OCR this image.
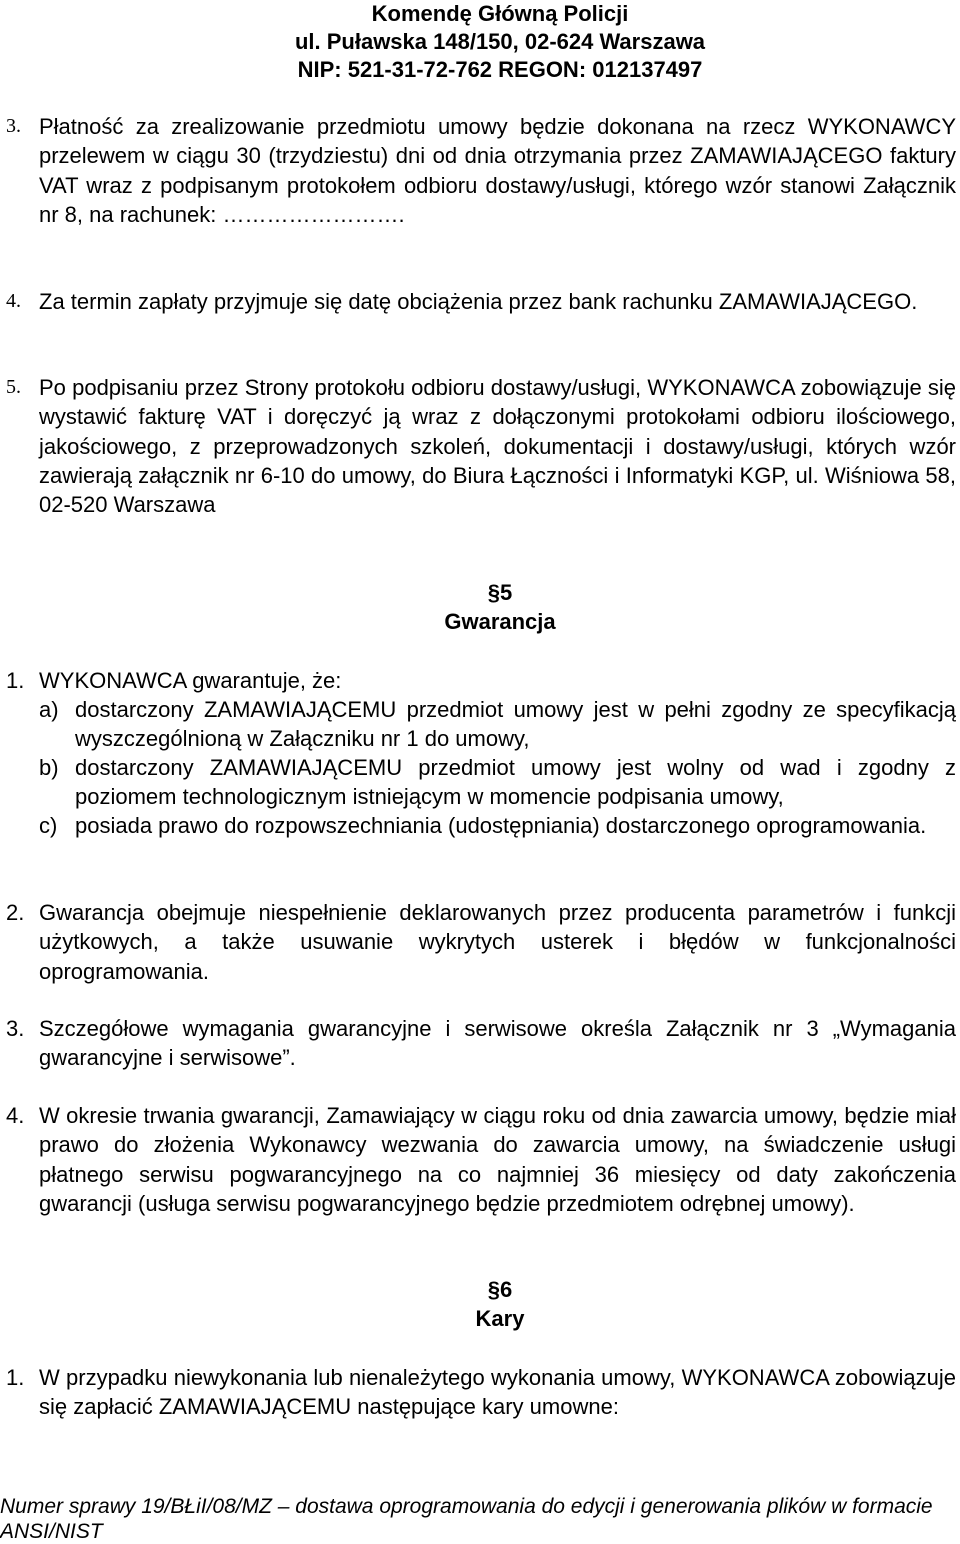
Komendę Główną Policji
ul. Puławska 148/150, 02-624 Warszawa
NIP: 521-31-72-762 REGON: 012137497
3. Płatność za zrealizowanie przedmiotu umowy będzie dokonana na rzecz WYKONAWCY przelewem w ciągu 30 (trzydziestu) dni od dnia otrzymania przez ZAMAWIAJĄCEGO faktury VAT wraz z podpisanym protokołem odbioru dostawy/usługi, którego wzór stanowi Załącznik nr 8, na rachunek: …………………….
4. Za termin zapłaty przyjmuje się datę obciążenia przez bank rachunku ZAMAWIAJĄCEGO.
5. Po podpisaniu przez Strony protokołu odbioru dostawy/usługi, WYKONAWCA zobowiązuje się wystawić fakturę VAT i doręczyć ją wraz z dołączonymi protokołami odbioru ilościowego, jakościowego, z przeprowadzonych szkoleń, dokumentacji i dostawy/usługi, których wzór zawierają załącznik nr 6-10 do umowy, do Biura Łączności i Informatyki KGP, ul. Wiśniowa 58, 02-520 Warszawa
§5
Gwarancja
1. WYKONAWCA gwarantuje, że:
a) dostarczony ZAMAWIAJĄCEMU przedmiot umowy jest w pełni zgodny ze specyfikacją wyszczególnioną w Załączniku nr 1 do umowy,
b) dostarczony ZAMAWIAJĄCEMU przedmiot umowy jest wolny od wad i zgodny z poziomem technologicznym istniejącym w momencie podpisania umowy,
c) posiada prawo do rozpowszechniania (udostępniania) dostarczonego oprogramowania.
2. Gwarancja obejmuje niespełnienie deklarowanych przez producenta parametrów i funkcji użytkowych, a także usuwanie wykrytych usterek i błędów w funkcjonalności oprogramowania.
3. Szczegółowe wymagania gwarancyjne i serwisowe określa Załącznik nr 3 „Wymagania gwarancyjne i serwisowe”.
4. W okresie trwania gwarancji, Zamawiający w ciągu roku od dnia zawarcia umowy, będzie miał prawo do złożenia Wykonawcy wezwania do zawarcia umowy, na świadczenie usługi płatnego serwisu pogwarancyjnego na co najmniej 36 miesięcy od daty zakończenia gwarancji (usługa serwisu pogwarancyjnego będzie przedmiotem odrębnej umowy).
§6
Kary
1. W przypadku niewykonania lub nienależytego wykonania umowy, WYKONAWCA zobowiązuje się zapłacić ZAMAWIAJĄCEMU następujące kary umowne:
Numer sprawy 19/BŁiI/08/MZ – dostawa oprogramowania do edycji i generowania plików w formacie ANSI/NIST
